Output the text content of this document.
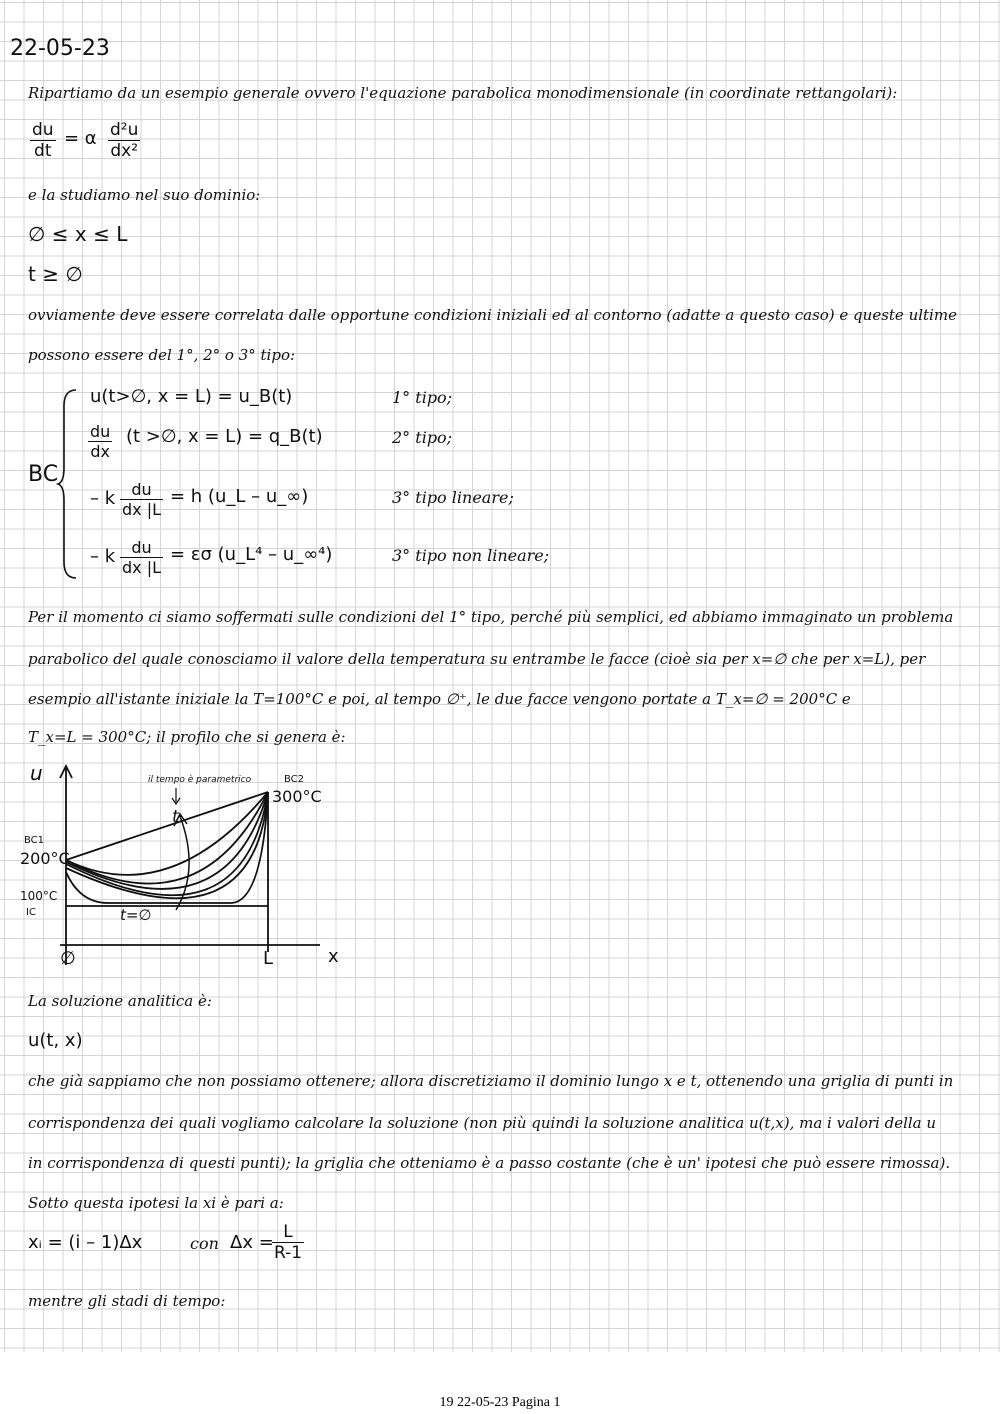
22-05-23
Ripartiamo da un esempio generale ovvero l'equazione parabolica monodimensionale (in coordinate rettangolari):
$\frac{du}{dt} = \alpha \frac{\text{d²u}}{\text{dx²}}$
e la studiamo nel suo dominio:
∅ ≤ x ≤ L
t ≥ ∅
ovviamente deve essere correlata dalle opportune condizioni iniziali ed al contorno (adatte a questo caso) e queste ultime
possono essere del 1°, 2° o 3° tipo:
BC
u(t>∅, x = L) = u_B(t)	1° tipo;
$\frac{du}{dx} (t$ >∅, x = L) = q_B(t)	2° tipo;
– k $\frac{du}{dx |L} = h$ (u_L – u_∞)	3° tipo lineare;
– k $\frac{du}{dx |L} = \varepsilon\sigma$ (u_L⁴ – u_∞⁴)	3° tipo non lineare;
Per il momento ci siamo soffermati sulle condizioni del 1° tipo, perché più semplici, ed abbiamo immaginato un problema
parabolico del quale conosciamo il valore della temperatura su entrambe le facce (cioè sia per x=∅ che per x=L), per
esempio all'istante iniziale la T=100°C e poi, al tempo ∅⁺, le due facce vengono portate a T_x=∅ = 200°C e
T_x=L = 300°C; il profilo che si genera è:
u
x
∅	L
BC1
200°C
100°C
IC
BC2
300°C
il tempo è parametrico
t
t=∅
La soluzione analitica è:
u(t, x)
che già sappiamo che non possiamo ottenere; allora discretiziamo il dominio lungo x e t, ottenendo una griglia di punti in
corrispondenza dei quali vogliamo calcolare la soluzione (non più quindi la soluzione analitica u(t,x), ma i valori della u
in corrispondenza di questi punti); la griglia che otteniamo è a passo costante (che è un' ipotesi che può essere rimossa).
Sotto questa ipotesi la xi è pari a:
xᵢ = (i – 1)Δx	con Δx =
$\frac{L}{R-1}$
mentre gli stadi di tempo:
19 22-05-23 Pagina 1
